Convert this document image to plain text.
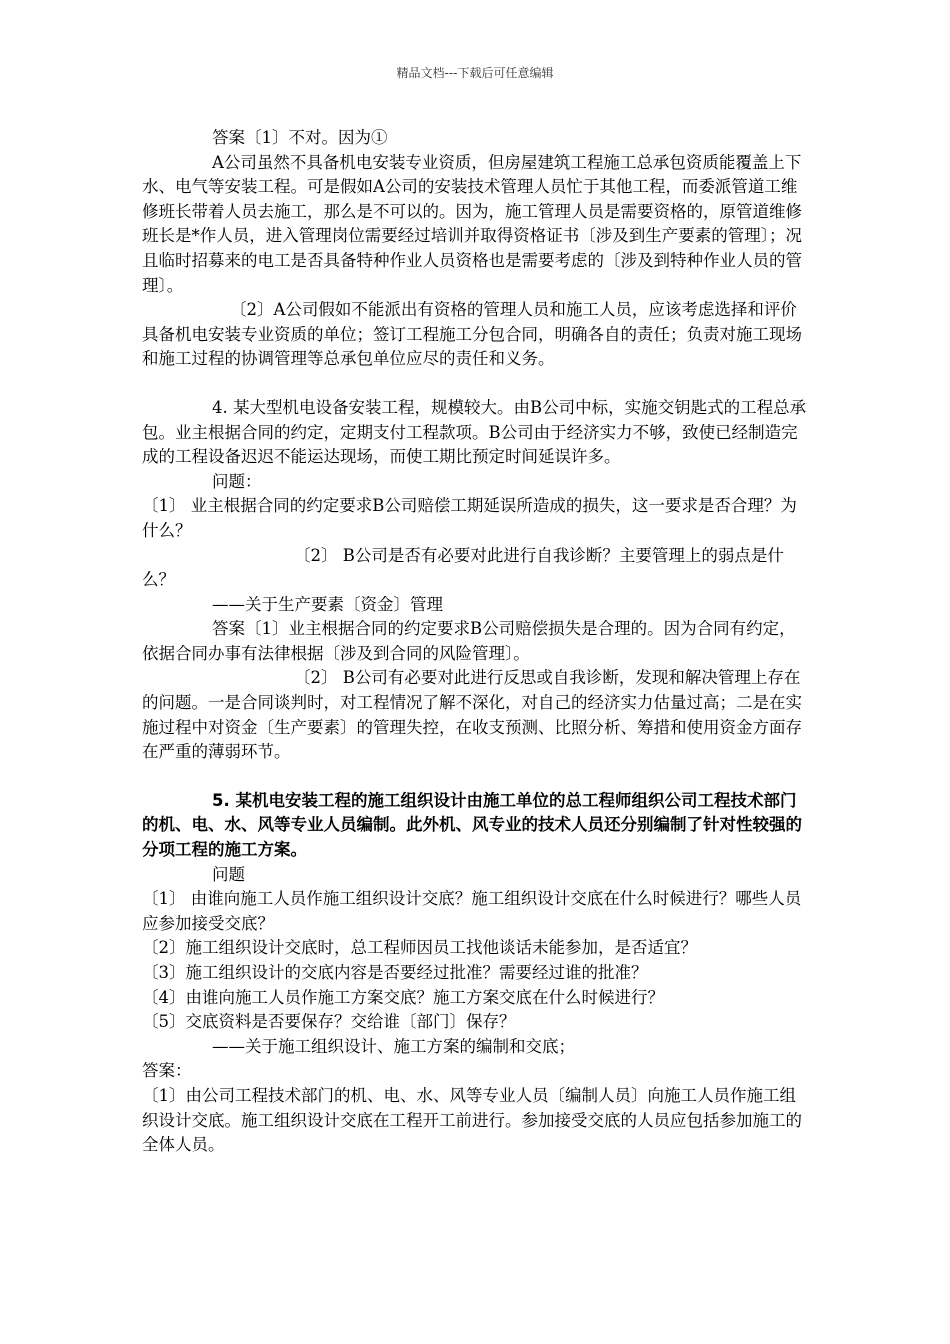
精品文档---下载后可任意编辑

答案〔1〕不对。因为①

A公司虽然不具备机电安装专业资质，但房屋建筑工程施工总承包资质能覆盖上下水、电气等安装工程。可是假如A公司的安装技术管理人员忙于其他工程，而委派管道工维修班长带着人员去施工，那么是不可以的。因为，施工管理人员是需要资格的，原管道维修班长是*作人员，进入管理岗位需要经过培训并取得资格证书〔涉及到生产要素的管理〕；况且临时招募来的电工是否具备特种作业人员资格也是需要考虑的〔涉及到特种作业人员的管理〕。

〔2〕A公司假如不能派出有资格的管理人员和施工人员，应该考虑选择和评价具备机电安装专业资质的单位；签订工程施工分包合同，明确各自的责任；负责对施工现场和施工过程的协调管理等总承包单位应尽的责任和义务。

4. 某大型机电设备安装工程，规模较大。由B公司中标，实施交钥匙式的工程总承包。业主根据合同的约定，定期支付工程款项。B公司由于经济实力不够，致使已经制造完成的工程设备迟迟不能运达现场，而使工期比预定时间延误许多。

问题：

〔1〕 业主根据合同的约定要求B公司赔偿工期延误所造成的损失，这一要求是否合理？为什么？

〔2〕 B公司是否有必要对此进行自我诊断？主要管理上的弱点是什么？

——关于生产要素〔资金〕管理

答案〔1〕业主根据合同的约定要求B公司赔偿损失是合理的。因为合同有约定，依据合同办事有法律根据〔涉及到合同的风险管理〕。

〔2〕 B公司有必要对此进行反思或自我诊断，发现和解决管理上存在的问题。一是合同谈判时，对工程情况了解不深化，对自己的经济实力估量过高；二是在实施过程中对资金〔生产要素〕的管理失控，在收支预测、比照分析、筹措和使用资金方面存在严重的薄弱环节。

5. 某机电安装工程的施工组织设计由施工单位的总工程师组织公司工程技术部门的机、电、水、风等专业人员编制。此外机、风专业的技术人员还分别编制了针对性较强的分项工程的施工方案。

问题

〔1〕 由谁向施工人员作施工组织设计交底？施工组织设计交底在什么时候进行？哪些人员应参加接受交底？

〔2〕施工组织设计交底时，总工程师因员工找他谈话未能参加，是否适宜？

〔3〕施工组织设计的交底内容是否要经过批准？需要经过谁的批准？

〔4〕由谁向施工人员作施工方案交底？施工方案交底在什么时候进行？

〔5〕交底资料是否要保存？交给谁〔部门〕保存？

——关于施工组织设计、施工方案的编制和交底；

答案：

〔1〕由公司工程技术部门的机、电、水、风等专业人员〔编制人员〕向施工人员作施工组织设计交底。施工组织设计交底在工程开工前进行。参加接受交底的人员应包括参加施工的全体人员。
